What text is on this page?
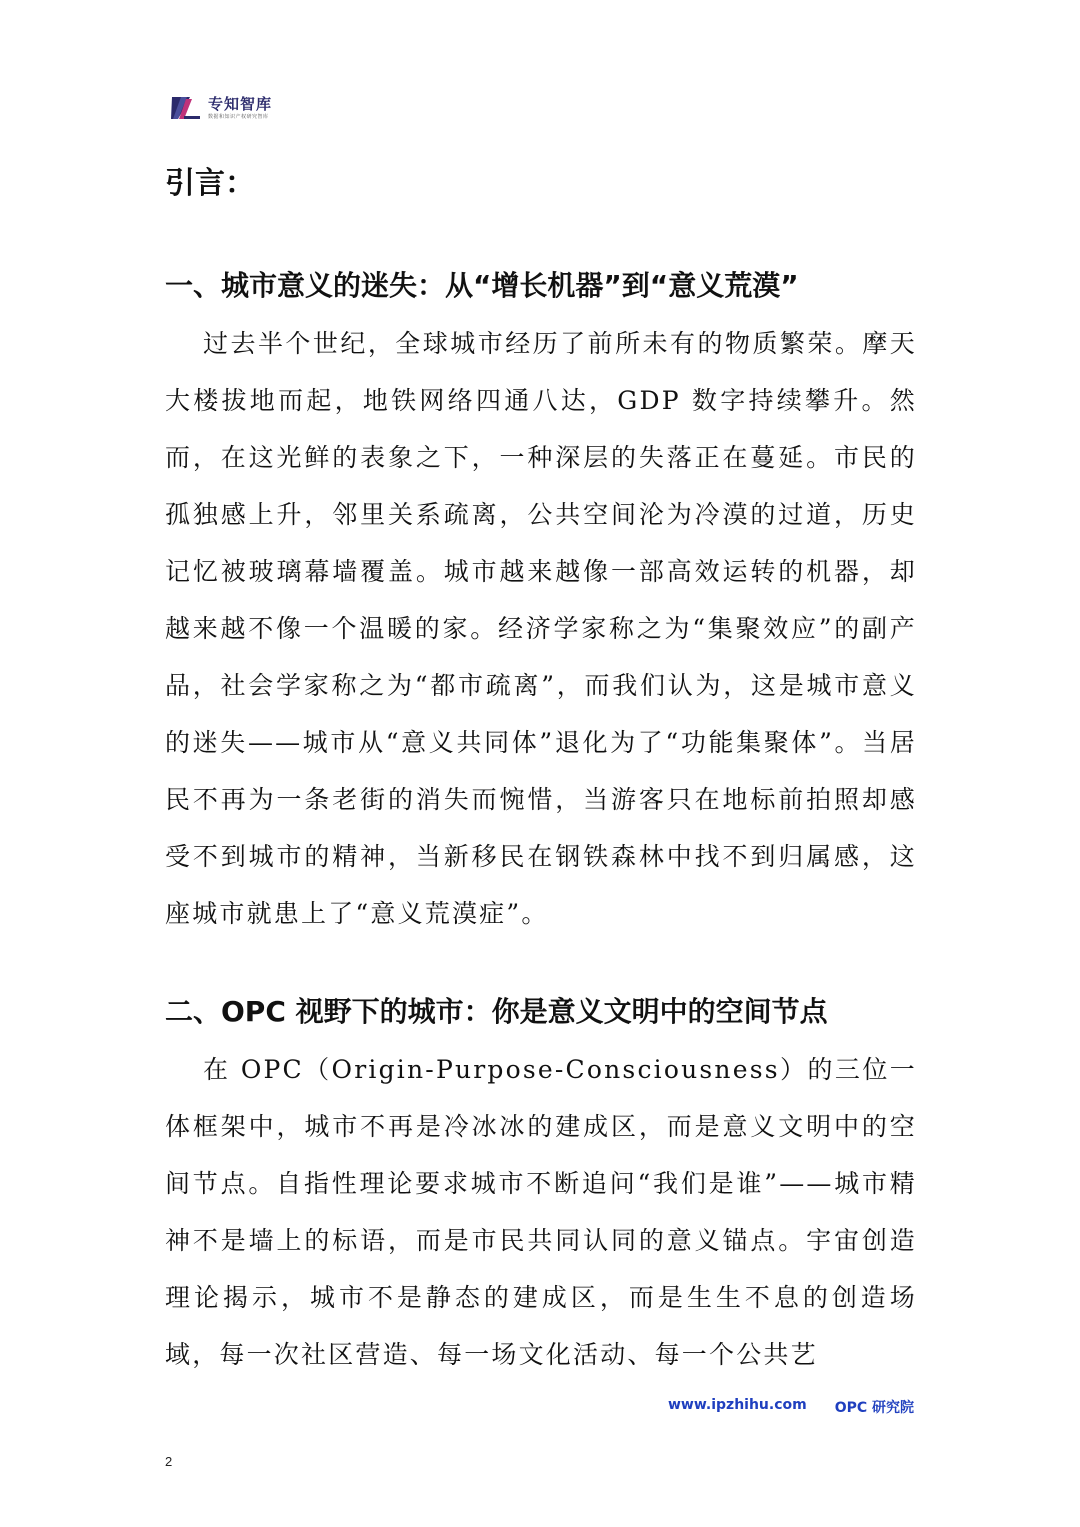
专知智库
数据和知识产权研究智库
引言：
一、城市意义的迷失：从“增长机器”到“意义荒漠”

过去半个世纪，全球城市经历了前所未有的物质繁荣。摩天大楼拔地而起，地铁网络四通八达，GDP 数字持续攀升。然而，在这光鲜的表象之下，一种深层的失落正在蔓延。市民的孤独感上升，邻里关系疏离，公共空间沦为冷漠的过道，历史记忆被玻璃幕墙覆盖。城市越来越像一部高效运转的机器，却越来越不像一个温暖的家。经济学家称之为“集聚效应”的副产品，社会学家称之为“都市疏离”，而我们认为，这是城市意义的迷失——城市从“意义共同体”退化为了“功能集聚体”。当居民不再为一条老街的消失而惋惜，当游客只在地标前拍照却感受不到城市的精神，当新移民在钢铁森林中找不到归属感，这座城市就患上了“意义荒漠症”。

二、OPC 视野下的城市：你是意义文明中的空间节点

在 OPC（Origin-Purpose-Consciousness）的三位一体框架中，城市不再是冷冰冰的建成区，而是意义文明中的空间节点。自指性理论要求城市不断追问“我们是谁”——城市精神不是墙上的标语，而是市民共同认同的意义锚点。宇宙创造理论揭示，城市不是静态的建成区，而是生生不息的创造场域，每一次社区营造、每一场文化活动、每一个公共艺

www.ipzhihu.com OPC 研究院
2
